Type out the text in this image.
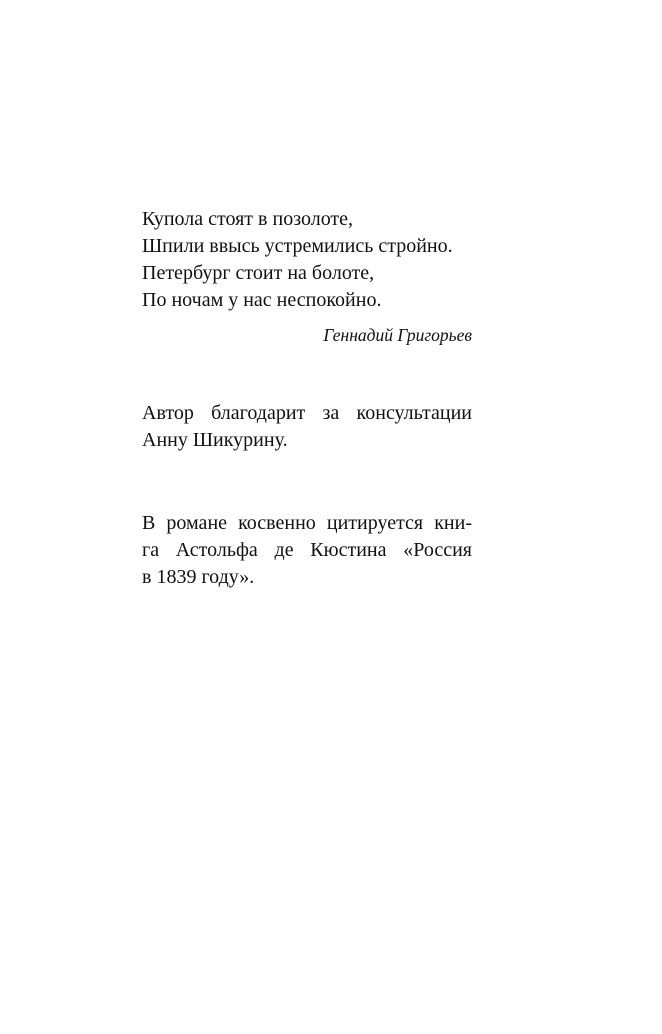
Купола стоят в позолоте,
Шпили ввысь устремились стройно.
Петербург стоит на болоте,
По ночам у нас неспокойно.
Геннадий Григорьев
Автор благодарит за консультации
Анну Шикурину.
В романе косвенно цитируется кни-
га Астольфа де Кюстина «Россия
в 1839 году».
